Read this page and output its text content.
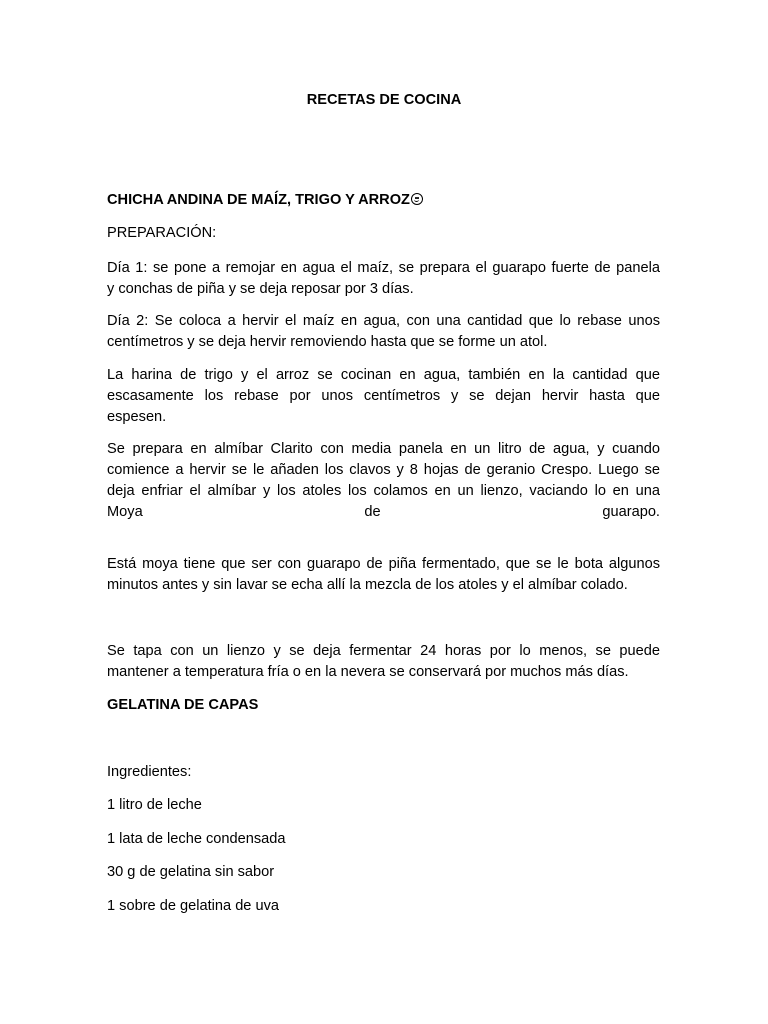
RECETAS DE COCINA

CHICHA ANDINA DE MAÍZ, TRIGO Y ARROZ

PREPARACIÓN:

Día 1: se pone a remojar en agua el maíz, se prepara el guarapo fuerte de panela
y conchas de piña y se deja reposar por 3 días.

Día 2: Se coloca a hervir el maíz en agua, con una cantidad que lo rebase unos
centímetros y se deja hervir removiendo hasta que se forme un atol.

La harina de trigo y el arroz se cocinan en agua, también en la cantidad que
escasamente los rebase por unos centímetros y se dejan hervir hasta que
espesen.

Se prepara en almíbar Clarito con media panela en un litro de agua, y cuando
comience a hervir se le añaden los clavos y 8 hojas de geranio Crespo. Luego se
deja enfriar el almíbar y los atoles los colamos en un lienzo, vaciando lo en una
Moya de guarapo.

Está moya tiene que ser con guarapo de piña fermentado, que se le bota algunos
minutos antes y sin lavar se echa allí la mezcla de los atoles y el almíbar colado.

Se tapa con un lienzo y se deja fermentar 24 horas por lo menos, se puede
mantener a temperatura fría o en la nevera se conservará por muchos más días.

GELATINA DE CAPAS

Ingredientes:

1 litro de leche

1 lata de leche condensada

30 g de gelatina sin sabor

1 sobre de gelatina de uva
